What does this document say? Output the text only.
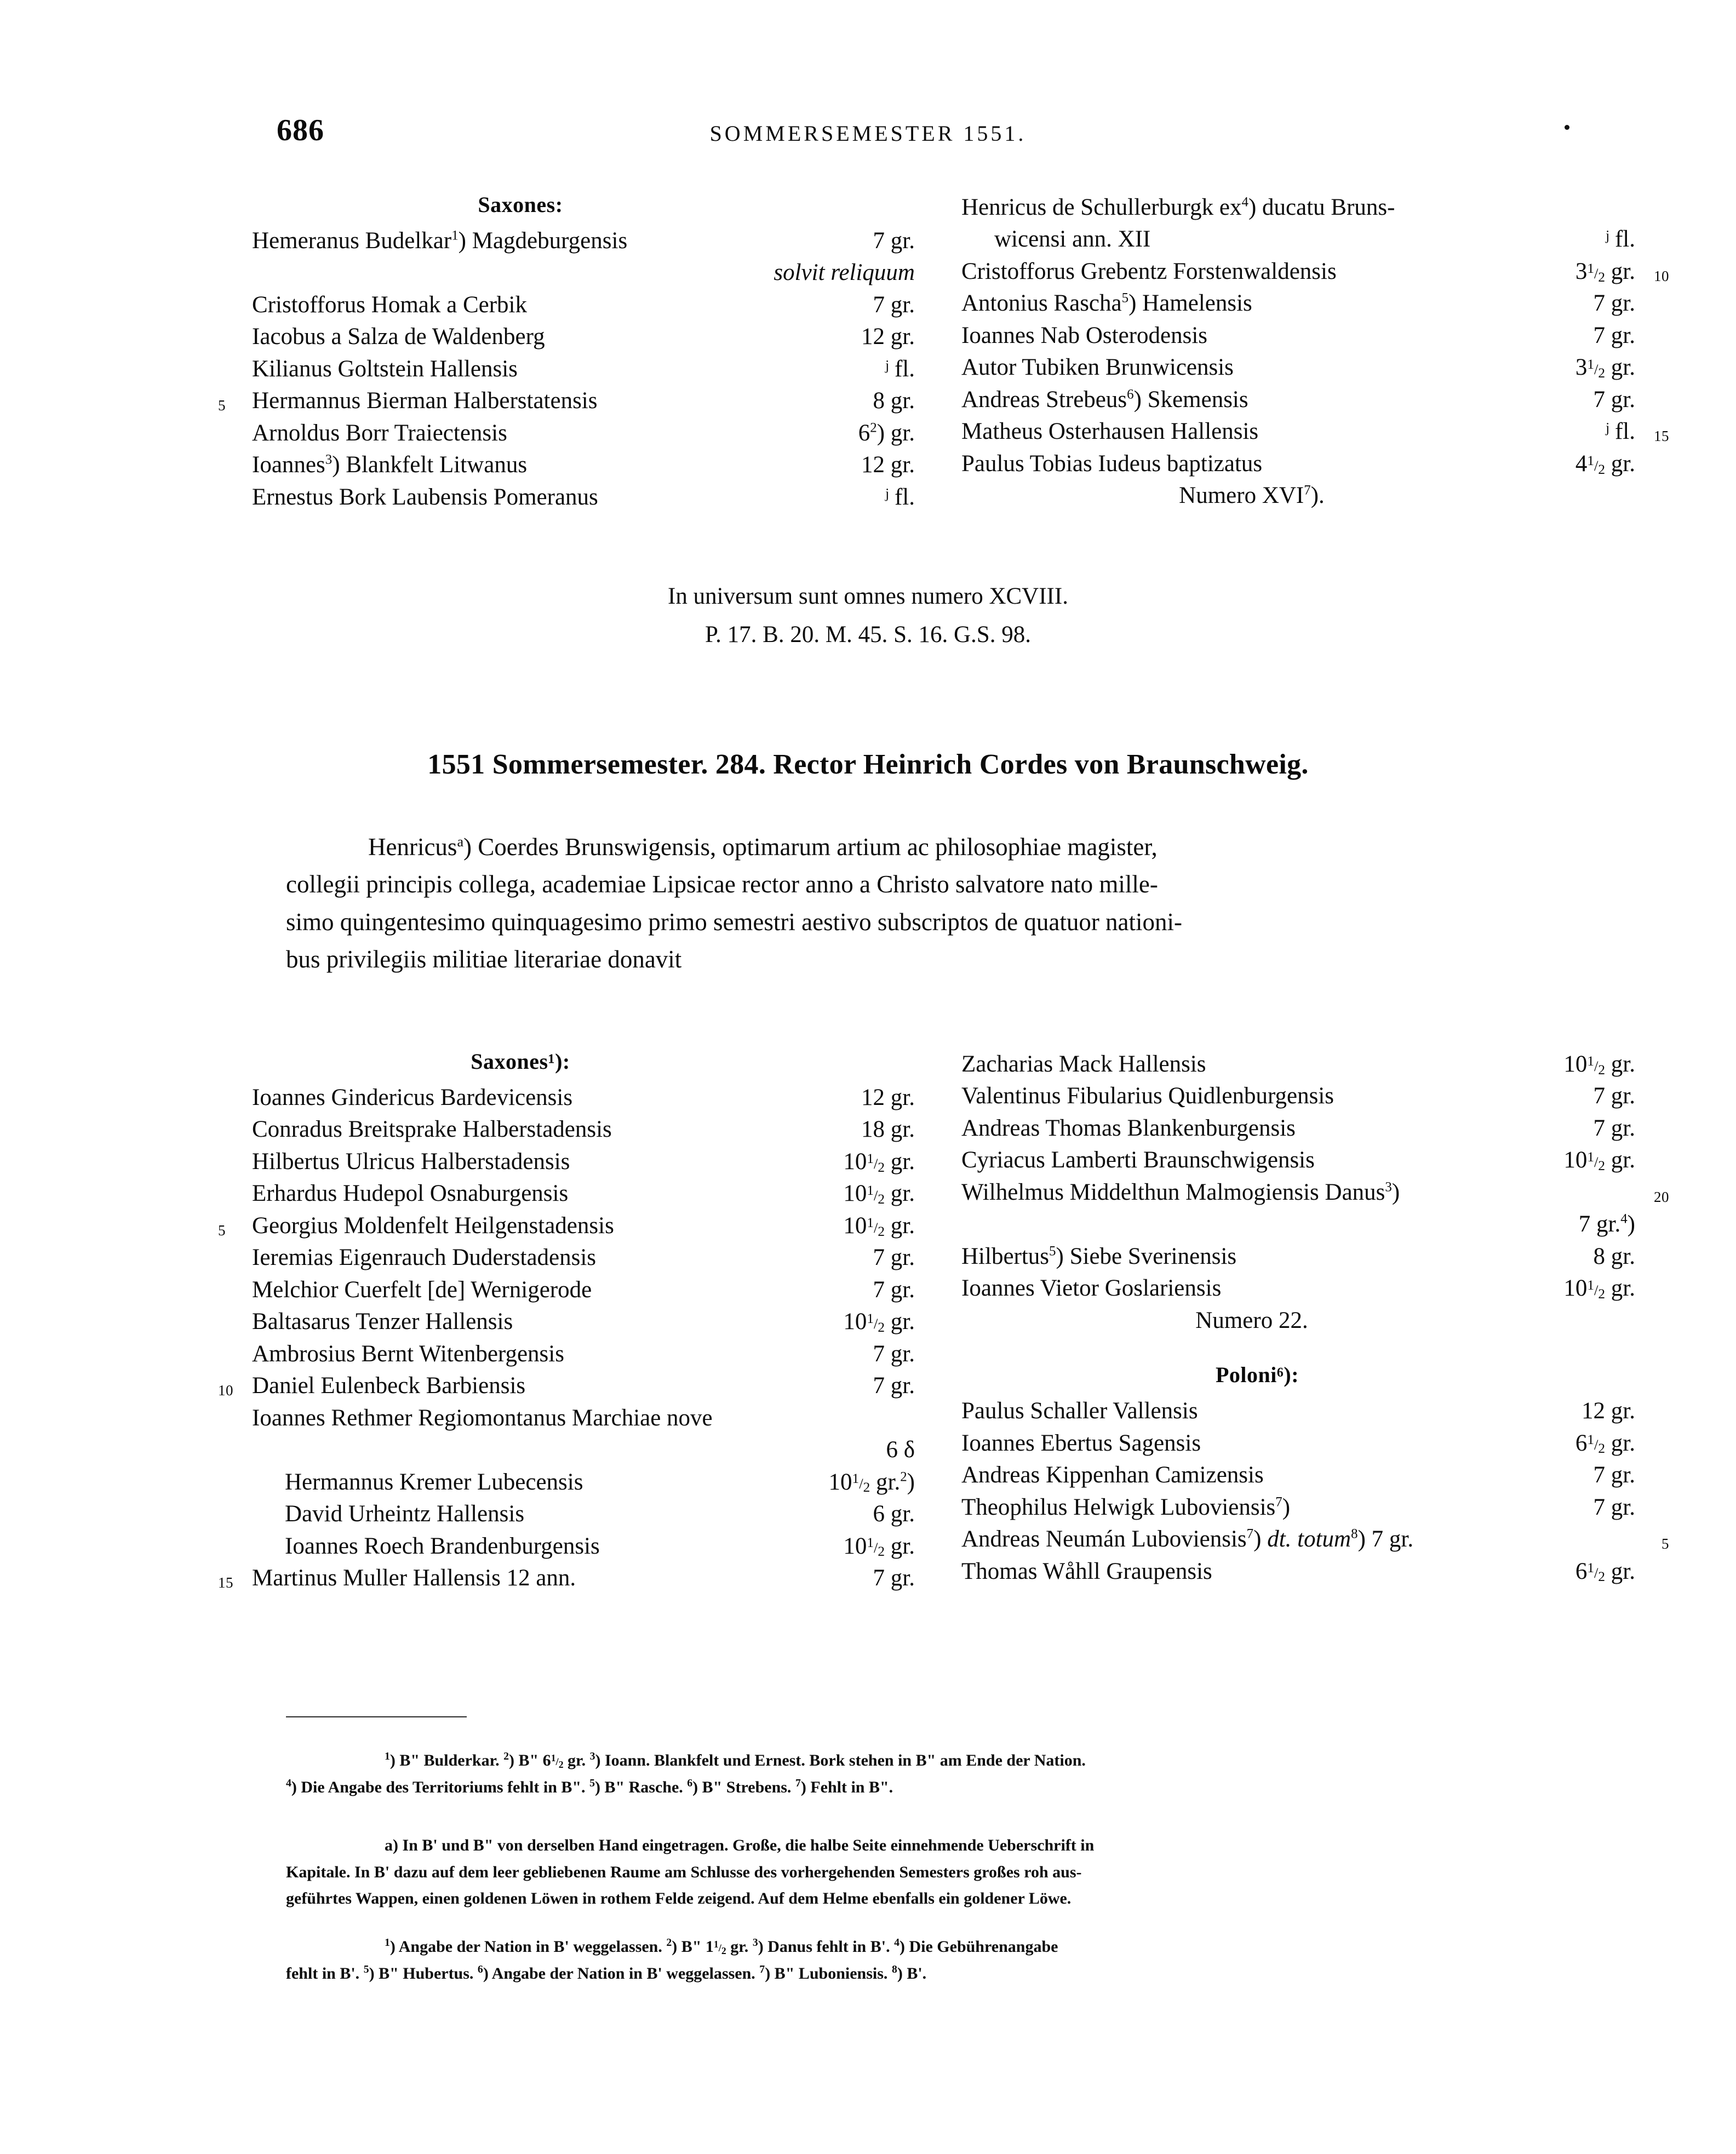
686	SOMMERSEMESTER 1551.
Saxones:
Hemeranus Budelkar$^1$) Magdeburgensis	7 gr.
solvit reliquum
Cristofforus Homak a Cerbik	7 gr.
Iacobus a Salza de Waldenberg	12 gr.
Kilianus Goltstein Hallensis	ʲ fl.
Hermannus Bierman Halberstatensis	8 gr.
5
Arnoldus Borr Traiectensis	$6^2$) gr.
Ioannes$^3$) Blankfelt Litwanus	12 gr.
Ernestus Bork Laubensis Pomeranus	ʲ fl.
Henricus de Schullerburgk $ex^4$) ducatu Bruns-
wicensi ann. XII	ʲ fl.
Cristofforus Grebentz Forstenwaldensis	31/2 gr. 10
Antonius Rascha$^5$) Hamelensis	7 gr.
Ioannes Nab Osterodensis	7 gr.
Autor Tubiken Brunwicensis	31/2 gr.
Andreas Strebeus$^6$) Skemensis	7 gr.
Matheus Osterhausen Hallensis	ʲ fl. 15
Paulus Tobias Iudeus baptizatus	41/2 gr.
Numero XVI$^7$).
In universum sunt omnes numero XCVIII.
P. 17. B. 20. M. 45. S. 16. G.S. 98.
1551 Sommersemester. 284. Rector Heinrich Cordes von Braunschweig.
Henricus$^a$) Coerdes Brunswigensis, optimarum artium ac philosophiae magister,
collegii principis collega, academiae Lipsicae rector anno a Christo salvatore nato mille-
simo quingentesimo quinquagesimo primo semestri aestivo subscriptos de quatuor nationi-
bus privilegiis militiae literariae donavit
Saxones¹):
Ioannes Gindericus Bardevicensis	12 gr.
Conradus Breitsprake Halberstadensis	18 gr.
Hilbertus Ulricus Halberstadensis	101/2 gr.
Erhardus Hudepol Osnaburgensis	101/2 gr.
Georgius Moldenfelt Heilgenstadensis	101/2 gr.
5
Ieremias Eigenrauch Duderstadensis	7 gr.
Melchior Cuerfelt [de] Wernigerode	7 gr.
Baltasarus Tenzer Hallensis	101/2 gr.
Ambrosius Bernt Witenbergensis	7 gr.
Daniel Eulenbeck Barbiensis	7 gr.
10
Ioannes Rethmer Regiomontanus Marchiae nove
6 δ
Hermannus Kremer Lubecensis	101/2 gr.$^2$)
David Urheintz Hallensis	6 gr.
Ioannes Roech Brandenburgensis	101/2 gr.
Martinus Muller Hallensis 12 ann.	7 gr.
15
Zacharias Mack Hallensis	101/2 gr.
Valentinus Fibularius Quidlenburgensis	7 gr.
Andreas Thomas Blankenburgensis	7 gr.
Cyriacus Lamberti Braunschwigensis	101/2 gr.
Wilhelmus Middelthun Malmogiensis Danus$^3$)	20
7 gr.$^4$)
Hilbertus$^5$) Siebe Sverinensis	8 gr.
Ioannes Vietor Goslariensis	101/2 gr.
Numero 22.
Poloni⁶):
Paulus Schaller Vallensis	12 gr.
Ioannes Ebertus Sagensis	61/2 gr.
Andreas Kippenhan Camizensis	7 gr.
Theophilus Helwigk Luboviensis$^7$)	7 gr.
Andreas Neumán Luboviensis$^7$) dt. totum$^8$) 7 gr.	5
Thomas Wåhll Graupensis	61/2 gr.
$^1$) B" Bulderkar. $^2$) B" 61/2 gr. $^3$) Ioann. Blankfelt und Ernest. Bork stehen in B" am Ende der Nation.
$^4$) Die Angabe des Territoriums fehlt in B". $^5$) B" Rasche. $^6$) B" Strebens. $^7$) Fehlt in B".
a) In B' und B" von derselben Hand eingetragen. Große, die halbe Seite einnehmende Ueberschrift in
Kapitale. In B' dazu auf dem leer gebliebenen Raume am Schlusse des vorhergehenden Semesters großes roh aus-
geführtes Wappen, einen goldenen Löwen in rothem Felde zeigend. Auf dem Helme ebenfalls ein goldener Löwe.
$^1$) Angabe der Nation in B' weggelassen. $^2$) B" 11/2 gr. $^3$) Danus fehlt in B'. $^4$) Die Gebührenangabe
fehlt in B'. $^5$) B" Hubertus. $^6$) Angabe der Nation in B' weggelassen. $^7$) B" Luboniensis. $^8$) B'.
